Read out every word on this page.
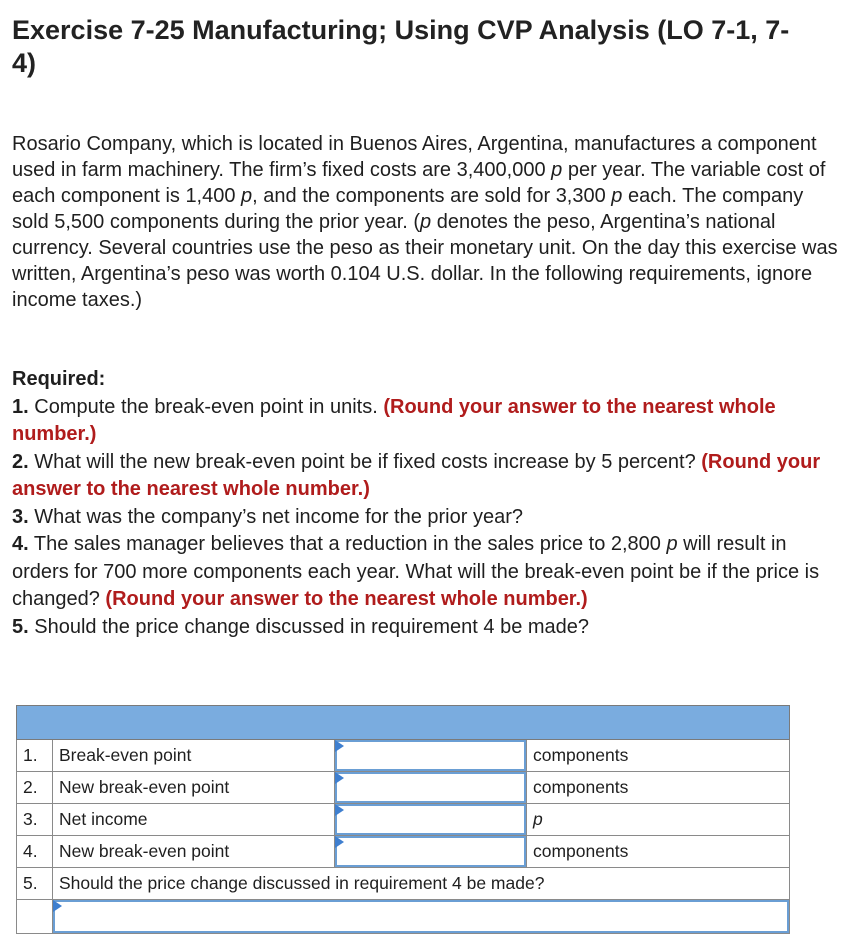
Exercise 7-25 Manufacturing; Using CVP Analysis (LO 7-1, 7-4)

Rosario Company, which is located in Buenos Aires, Argentina, manufactures a component used in farm machinery. The firm’s fixed costs are 3,400,000 p per year. The variable cost of each component is 1,400 p, and the components are sold for 3,300 p each. The company sold 5,500 components during the prior year. (p denotes the peso, Argentina’s national currency. Several countries use the peso as their monetary unit. On the day this exercise was written, Argentina’s peso was worth 0.104 U.S. dollar. In the following requirements, ignore income taxes.)

Required:

1. Compute the break-even point in units. (Round your answer to the nearest whole number.)

2. What will the new break-even point be if fixed costs increase by 5 percent? (Round your answer to the nearest whole number.)

3. What was the company’s net income for the prior year?

4. The sales manager believes that a reduction in the sales price to 2,800 p will result in orders for 700 more components each year. What will the break-even point be if the price is changed? (Round your answer to the nearest whole number.)

5. Should the price change discussed in requirement 4 be made?

1.	Break-even point		components
2.	New break-even point		components
3.	Net income		p
4.	New break-even point		components
5.	Should the price change discussed in requirement 4 be made?		
